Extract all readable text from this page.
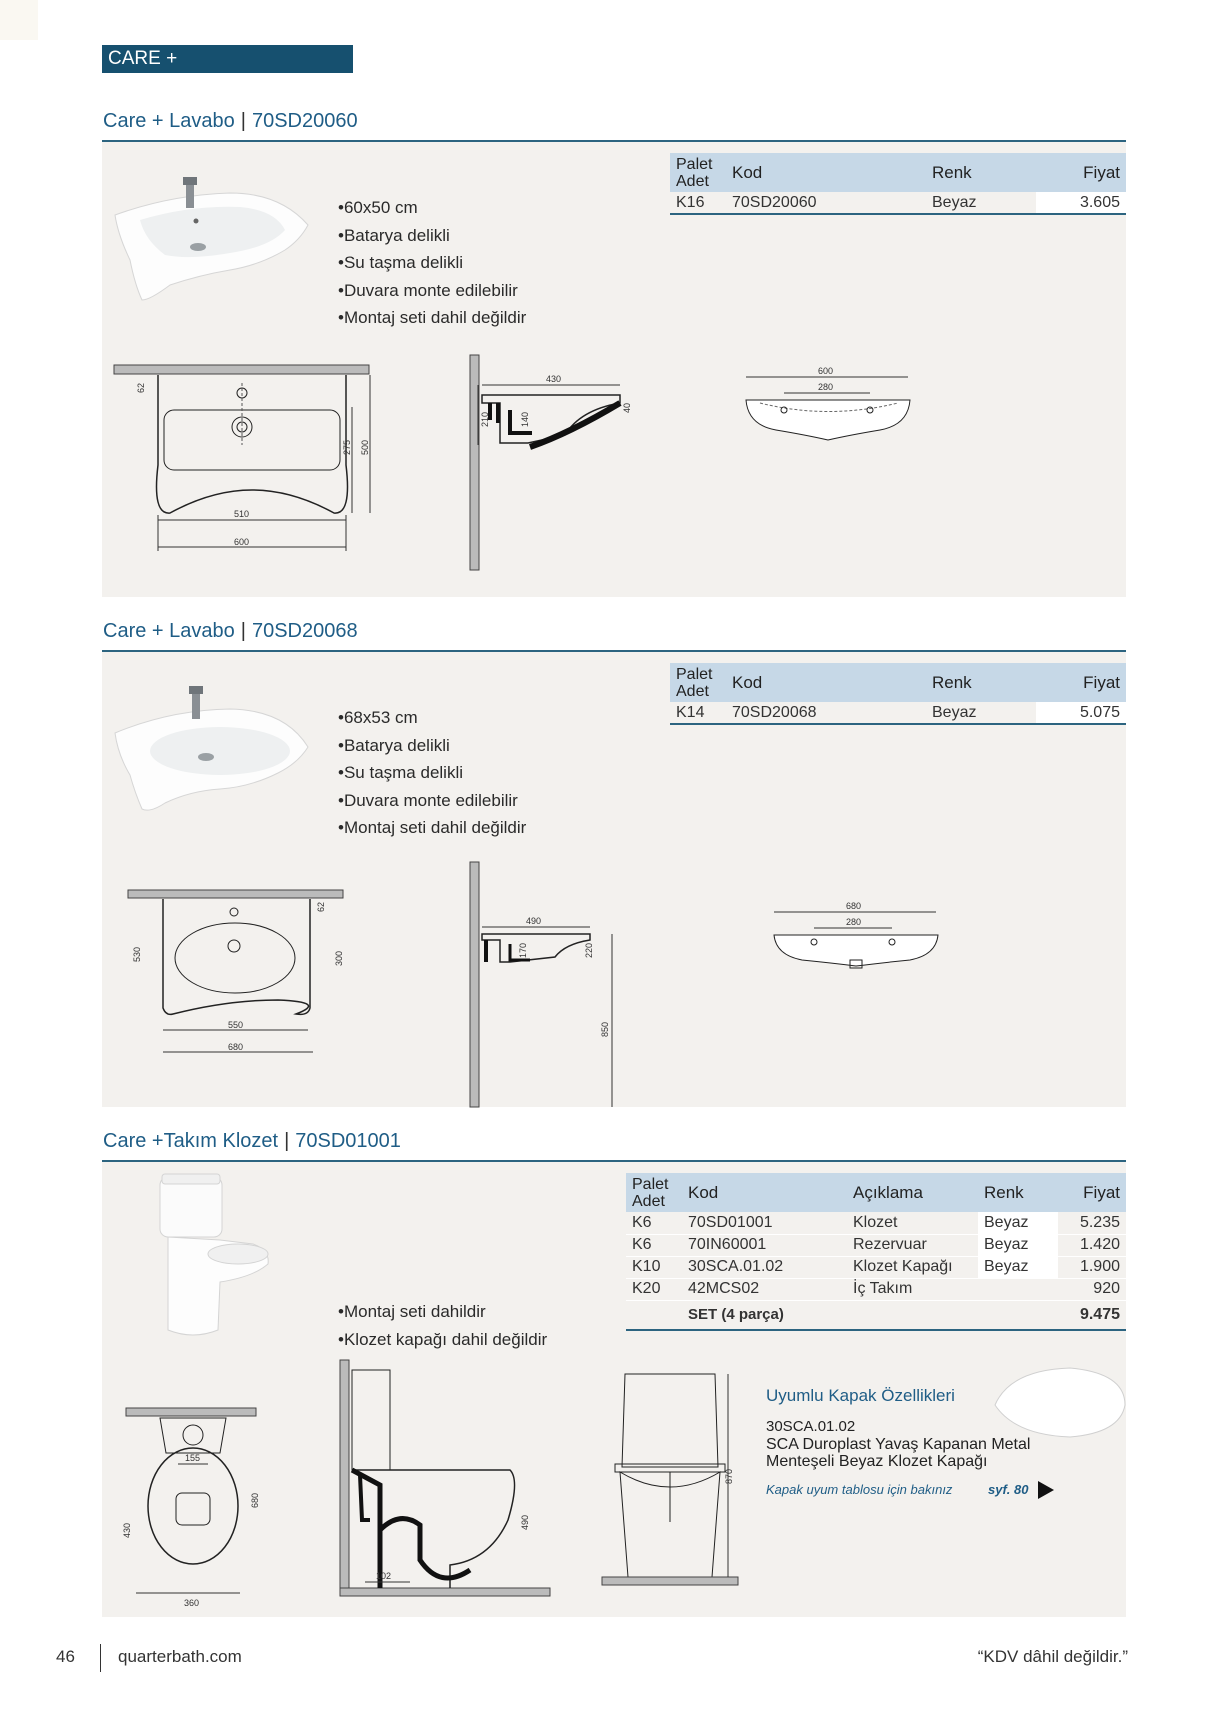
CARE +
Care + Lavabo | 70SD20060
• 60x50 cm
• Batarya delikli
• Su taşma delikli
• Duvara monte edilebilir
• Montaj seti dahil değildir
Palet
Adet	Kod	Renk	Fiyat
K16	70SD20060	Beyaz	3.605
510
600
275 500
62
430
210	140
40
600
280
Care + Lavabo | 70SD20068
• 68x53 cm
• Batarya delikli
• Su taşma delikli
• Duvara monte edilebilir
• Montaj seti dahil değildir
Palet
Adet	Kod	Renk	Fiyat
K14	70SD20068	Beyaz	5.075
550
680
530
62
300
490
170	220
850
680
280
Care +Takım Klozet | 70SD01001
• Montaj seti dahildir
• Klozet kapağı dahil değildir
Palet
Adet	Kod	Açıklama	Renk	Fiyat
K6	70SD01001	Klozet	Beyaz	5.235
K6	70IN60001	Rezervuar	Beyaz	1.420
K10	30SCA.01.02	Klozet Kapağı	Beyaz	1.900
K20	42MCS02	İç Takım		920
	SET (4 parça)			9.475
155
360
430
680
102
490
870
Uyumlu Kapak Özellikleri
30SCA.01.02
SCA Duroplast Yavaş Kapanan Metal Menteşeli Beyaz Klozet Kapağı
Kapak uyum tablosu için bakınız	syf. 80
46	quarterbath.com	“KDV dâhil değildir.”
